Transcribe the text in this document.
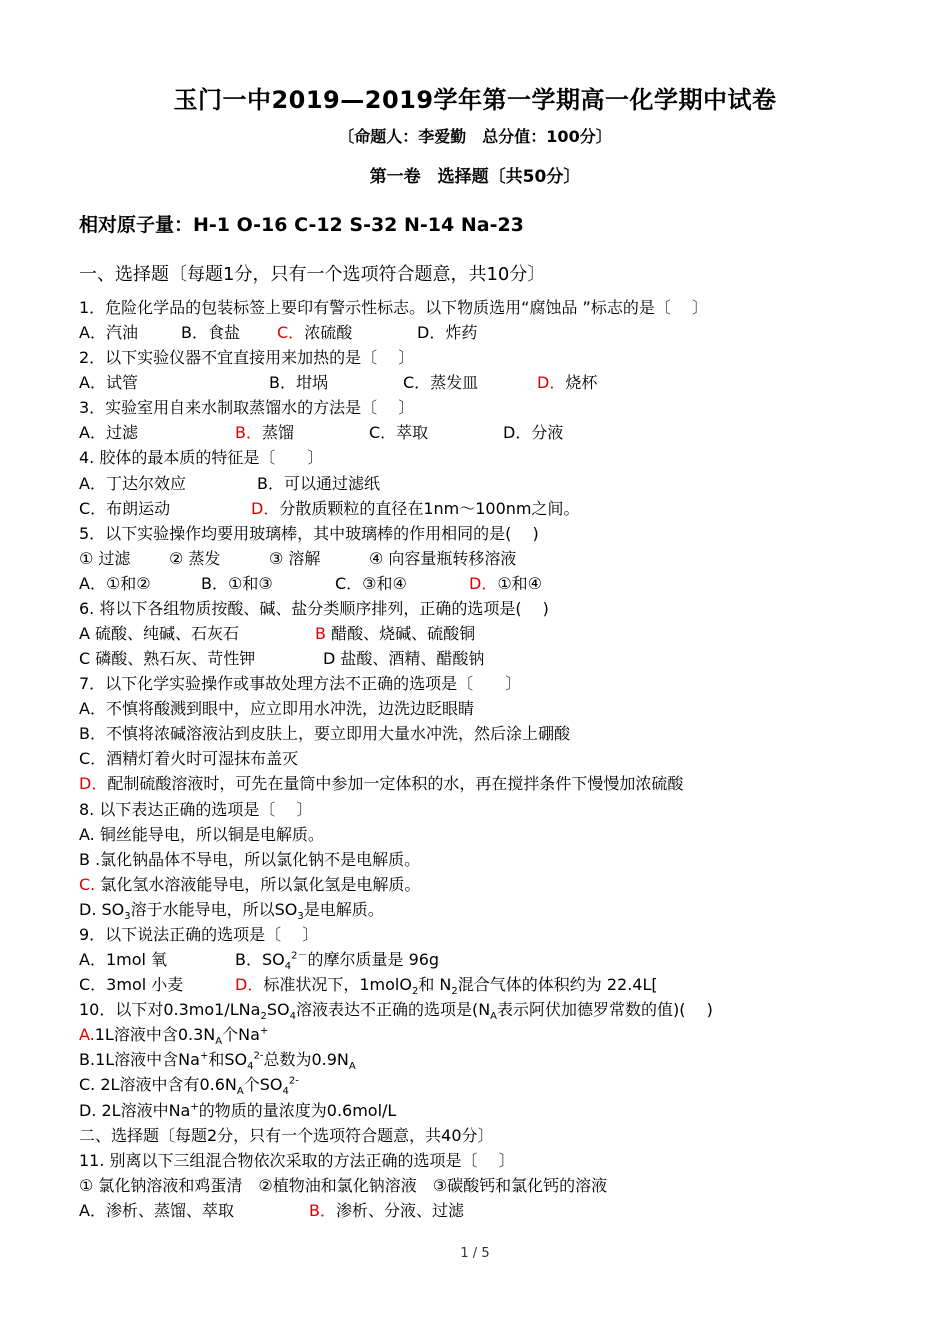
玉门一中2019—2019学年第一学期高一化学期中试卷
〔命题人：李爱勤　总分值：100分〕
第一卷　选择题〔共50分〕
相对原子量：H-1 O-16 C-12 S-32 N-14 Na-23
一、选择题〔每题1分，只有一个选项符合题意，共10分〕
1．危险化学品的包装标签上要印有警示性标志。以下物质选用“腐蚀品 ”标志的是〔　 〕
A．汽油	B．食盐 C．浓硫酸	D．炸药
2．以下实验仪器不宜直接用来加热的是〔　 〕
A．试管	B．坩埚	C．蒸发皿	D．烧杯
3．实验室用自来水制取蒸馏水的方法是〔　 〕
A．过滤	B．蒸馏	C．萃取	D．分液
4. 胶体的最本质的特征是〔　　〕
A．丁达尔效应	B．可以通过滤纸
C．布朗运动	D．分散质颗粒的直径在1nm～100nm之间。
5．以下实验操作均要用玻璃棒，其中玻璃棒的作用相同的是(　 )
① 过滤 ② 蒸发	③ 溶解	④ 向容量瓶转移溶液
A．①和②	B．①和③	C．③和④	D．①和④
6. 将以下各组物质按酸、碱、盐分类顺序排列，正确的选项是(　 )
A 硫酸、纯碱、石灰石	B 醋酸、烧碱、硫酸铜
C 磷酸、熟石灰、苛性钾	D 盐酸、酒精、醋酸钠
7．以下化学实验操作或事故处理方法不正确的选项是〔　　〕
A．不慎将酸溅到眼中，应立即用水冲洗，边洗边眨眼睛
B．不慎将浓碱溶液沾到皮肤上，要立即用大量水冲洗，然后涂上硼酸
C．酒精灯着火时可湿抹布盖灭
D．配制硫酸溶液时，可先在量筒中参加一定体积的水，再在搅拌条件下慢慢加浓硫酸
8. 以下表达正确的选项是〔　 〕
A. 铜丝能导电，所以铜是电解质。
B .氯化钠晶体不导电，所以氯化钠不是电解质。
C. 氯化氢水溶液能导电，所以氯化氢是电解质。
D. $SO_3$溶于水能导电，所以$SO_3$是电解质。
9．以下说法正确的选项是〔　 〕
A．1mol 氧	B．$SO_4^{2-}$的摩尔质量是 96g
C．3mol 小麦	D．标准状况下，1molO$_2$和 $N_2$混合气体的体积约为 22.4L[
10．以下对$0.3mo1/LNa_2SO_4$溶液表达不正确的选项是($N_A$表示阿伏加德罗常数的值)(　 )
A.1L溶液中含$0.3N_A$个Na+
B.1L溶液中含Na+和$SO_4^{2-}$总数为$0.9N_A$
C. 2L溶液中含有$0.6N_A$个$SO_4^{2-}$
D. 2L溶液中Na+的物质的量浓度为0.6mol/L
二、选择题〔每题2分，只有一个选项符合题意，共40分〕
11. 别离以下三组混合物依次采取的方法正确的选项是〔　 〕
① 氯化钠溶液和鸡蛋清　②植物油和氯化钠溶液　③碳酸钙和氯化钙的溶液
A．渗析、蒸馏、萃取	B．渗析、分液、过滤
1 / 5
